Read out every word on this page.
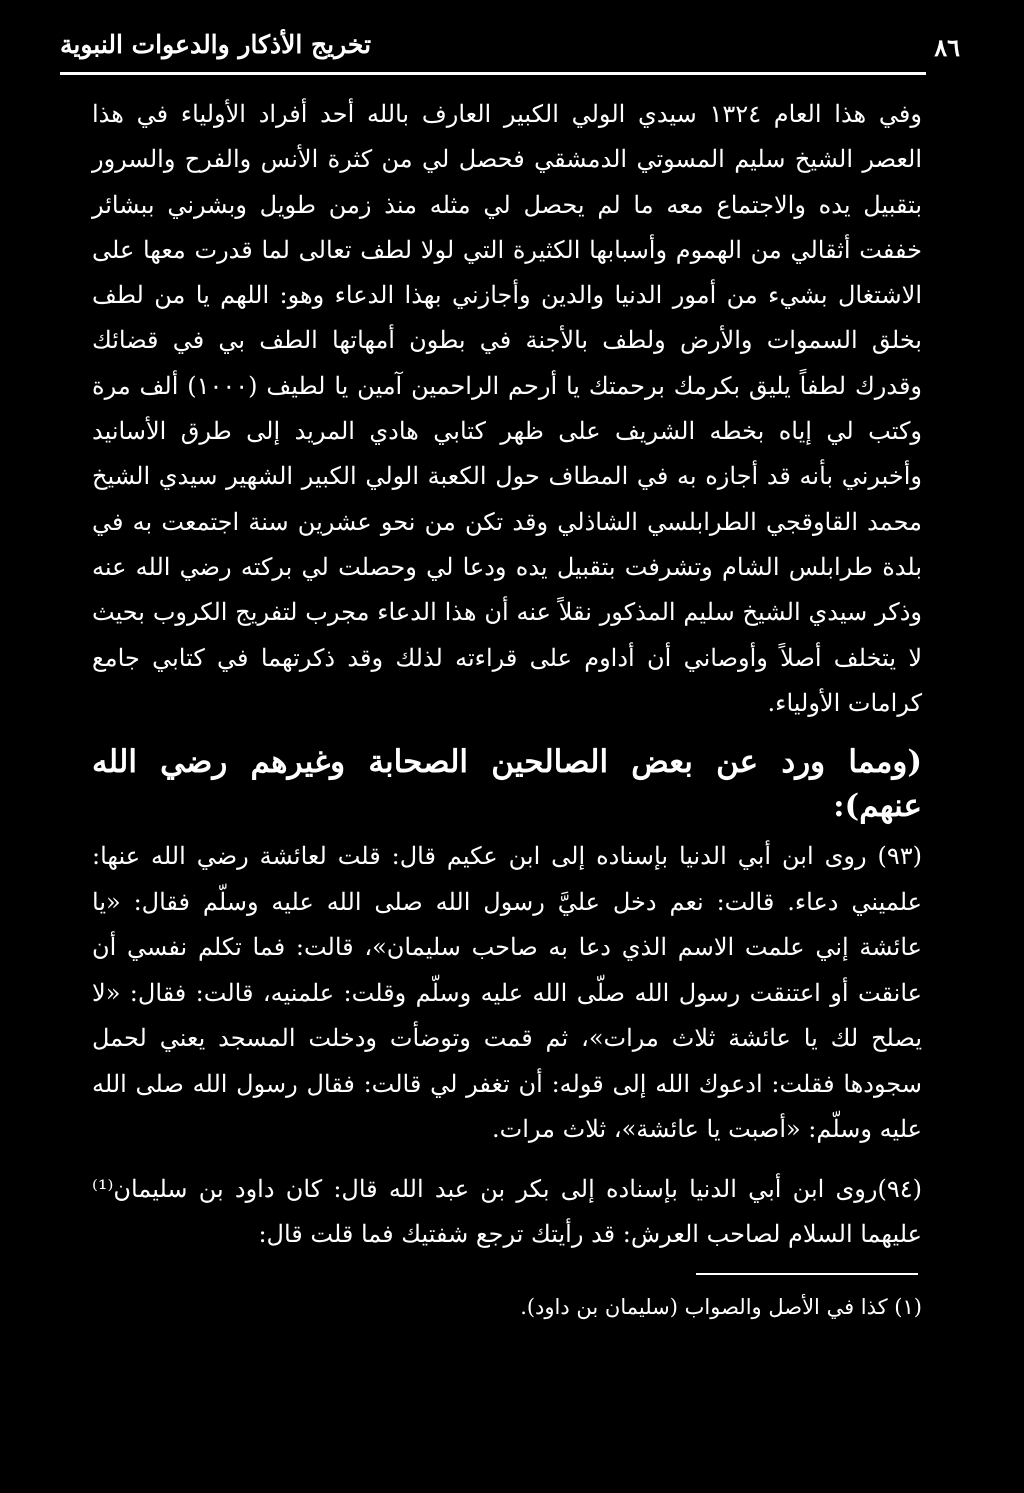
تخريج الأذكار والدعوات النبوية	٨٦

وفي هذا العام ١٣٢٤ سيدي الولي الكبير العارف بالله أحد أفراد الأولياء في هذا العصر الشيخ سليم المسوتي الدمشقي فحصل لي من كثرة الأنس والفرح والسرور بتقبيل يده والاجتماع معه ما لم يحصل لي مثله منذ زمن طويل وبشرني ببشائر خففت أثقالي من الهموم وأسبابها الكثيرة التي لولا لطف تعالى لما قدرت معها على الاشتغال بشيء من أمور الدنيا والدين وأجازني بهذا الدعاء وهو: اللهم يا من لطف بخلق السموات والأرض ولطف بالأجنة في بطون أمهاتها الطف بي في قضائك وقدرك لطفاً يليق بكرمك برحمتك يا أرحم الراحمين آمين يا لطيف (١٠٠٠) ألف مرة وكتب لي إياه بخطه الشريف على ظهر كتابي هادي المريد إلى طرق الأسانيد وأخبرني بأنه قد أجازه به في المطاف حول الكعبة الولي الكبير الشهير سيدي الشيخ محمد القاوقجي الطرابلسي الشاذلي وقد تكن من نحو عشرين سنة اجتمعت به في بلدة طرابلس الشام وتشرفت بتقبيل يده ودعا لي وحصلت لي بركته رضي الله عنه وذكر سيدي الشيخ سليم المذكور نقلاً عنه أن هذا الدعاء مجرب لتفريج الكروب بحيث لا يتخلف أصلاً وأوصاني أن أداوم على قراءته لذلك وقد ذكرتهما في كتابي جامع كرامات الأولياء.

(ومما ورد عن بعض الصالحين الصحابة وغيرهم رضي الله عنهم):

(٩٣) روى ابن أبي الدنيا بإسناده إلى ابن عكيم قال: قلت لعائشة رضي الله عنها: علميني دعاء. قالت: نعم دخل عليَّ رسول الله صلى الله عليه وسلّم فقال: «يا عائشة إني علمت الاسم الذي دعا به صاحب سليمان»، قالت: فما تكلم نفسي أن عانقت أو اعتنقت رسول الله صلّى الله عليه وسلّم وقلت: علمنيه، قالت: فقال: «لا يصلح لك يا عائشة ثلاث مرات»، ثم قمت وتوضأت ودخلت المسجد يعني لحمل سجودها فقلت: ادعوك الله إلى قوله: أن تغفر لي قالت: فقال رسول الله صلى الله عليه وسلّم: «أصبت يا عائشة»، ثلاث مرات.

(٩٤)روى ابن أبي الدنيا بإسناده إلى بكر بن عبد الله قال: كان داود بن سليمان⁽¹⁾ عليهما السلام لصاحب العرش: قد رأيتك ترجع شفتيك فما قلت قال:

(١) كذا في الأصل والصواب (سليمان بن داود).
